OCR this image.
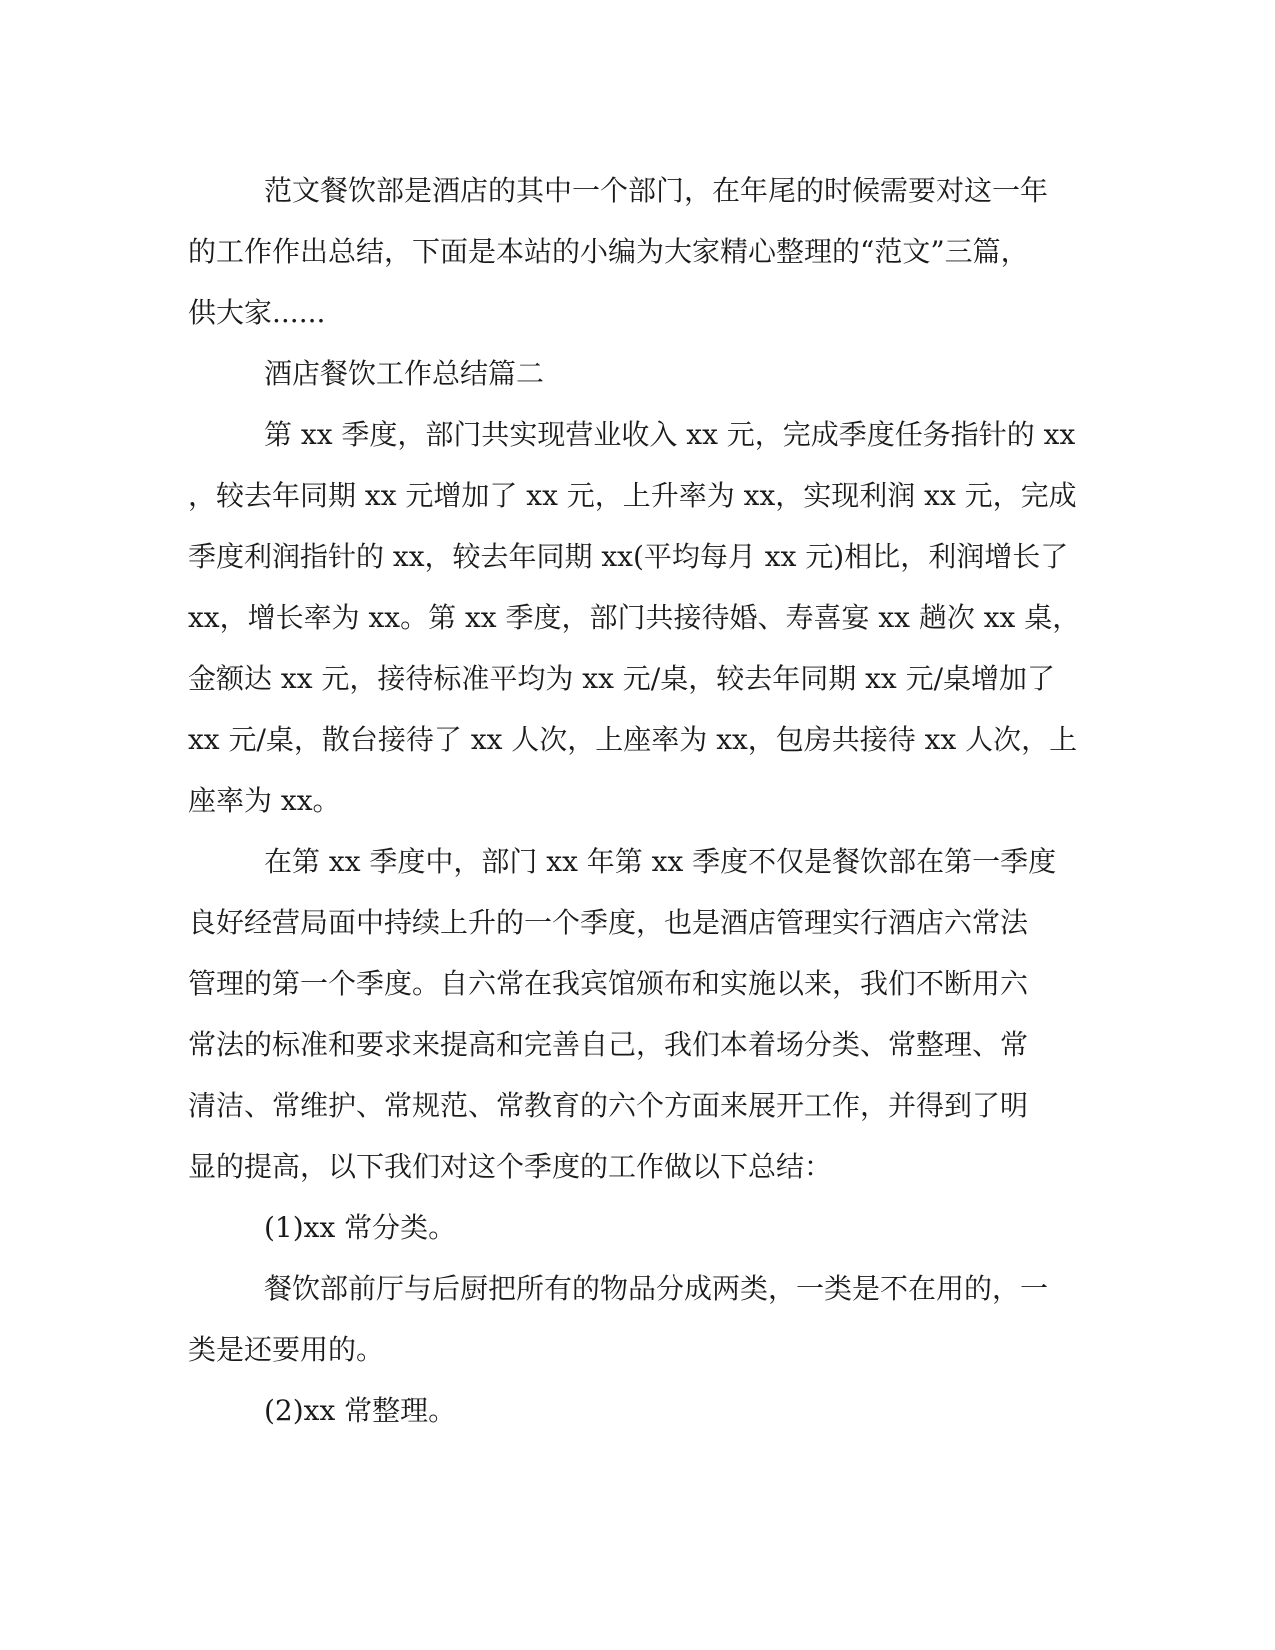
范文餐饮部是酒店的其中一个部门，在年尾的时候需要对这一年
的工作作出总结，下面是本站的小编为大家精心整理的“范文”三篇，
供大家......
酒店餐饮工作总结篇二
第 xx 季度，部门共实现营业收入 xx 元，完成季度任务指针的 xx
，较去年同期 xx 元增加了 xx 元，上升率为 xx，实现利润 xx 元，完成
季度利润指针的 xx，较去年同期 xx(平均每月 xx 元)相比，利润增长了
xx，增长率为 xx。第 xx 季度，部门共接待婚、寿喜宴 xx 趟次 xx 桌，
金额达 xx 元，接待标准平均为 xx 元/桌，较去年同期 xx 元/桌增加了
xx 元/桌，散台接待了 xx 人次，上座率为 xx，包房共接待 xx 人次，上
座率为 xx。
在第 xx 季度中，部门 xx 年第 xx 季度不仅是餐饮部在第一季度
良好经营局面中持续上升的一个季度，也是酒店管理实行酒店六常法
管理的第一个季度。自六常在我宾馆颁布和实施以来，我们不断用六
常法的标准和要求来提高和完善自己，我们本着场分类、常整理、常
清洁、常维护、常规范、常教育的六个方面来展开工作，并得到了明
显的提高，以下我们对这个季度的工作做以下总结：
(1)xx 常分类。
餐饮部前厅与后厨把所有的物品分成两类，一类是不在用的，一
类是还要用的。
(2)xx 常整理。
